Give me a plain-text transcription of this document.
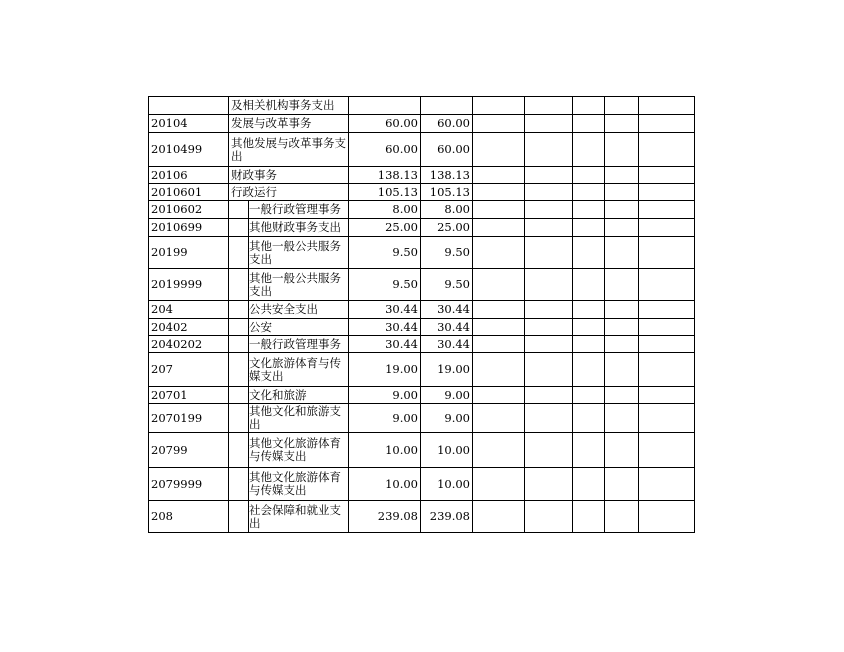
	及相关机构事务支出								
20104	发展与改革事务		60.00	60.00					
2010499	其他发展与改革事务支出		60.00	60.00					
20106	财政事务		138.13	138.13					
2010601	行政运行		105.13	105.13					
2010602		一般行政管理事务	8.00	8.00					
2010699		其他财政事务支出	25.00	25.00					
20199		其他一般公共服务支出	9.50	9.50					
2019999		其他一般公共服务支出	9.50	9.50					
204		公共安全支出	30.44	30.44					
20402		公安	30.44	30.44					
2040202		一般行政管理事务	30.44	30.44					
207		文化旅游体育与传媒支出	19.00	19.00					
20701		文化和旅游	9.00	9.00					
2070199		其他文化和旅游支出	9.00	9.00					
20799		其他文化旅游体育与传媒支出	10.00	10.00					
2079999		其他文化旅游体育与传媒支出	10.00	10.00					
208		社会保障和就业支出	239.08	239.08					
